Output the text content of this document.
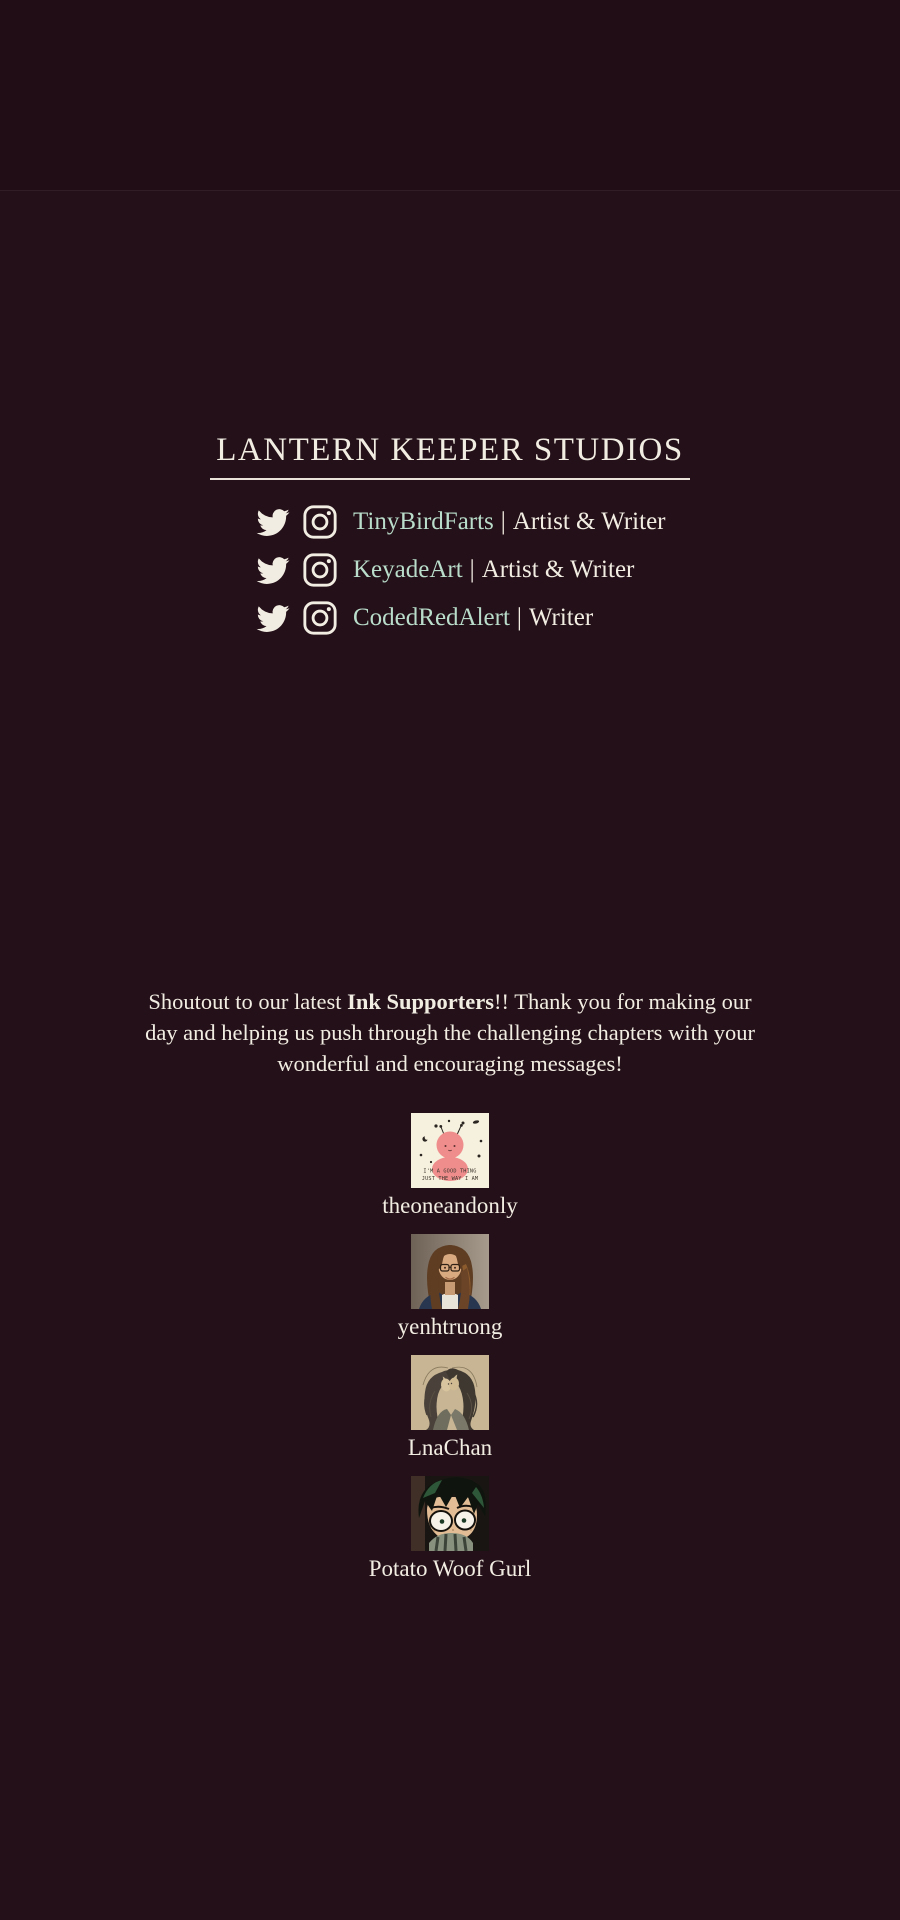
LANTERN KEEPER STUDIOS
TinyBirdFarts | Artist & Writer
KeyadeArt | Artist & Writer
CodedRedAlert | Writer

Shoutout to our latest Ink Supporters!! Thank you for making our day and helping us push through the challenging chapters with your wonderful and encouraging messages!

I'M A GOOD THING
JUST THE WAY I AM
theoneandonly
yenhtruong
LnaChan
Potato Woof Gurl
